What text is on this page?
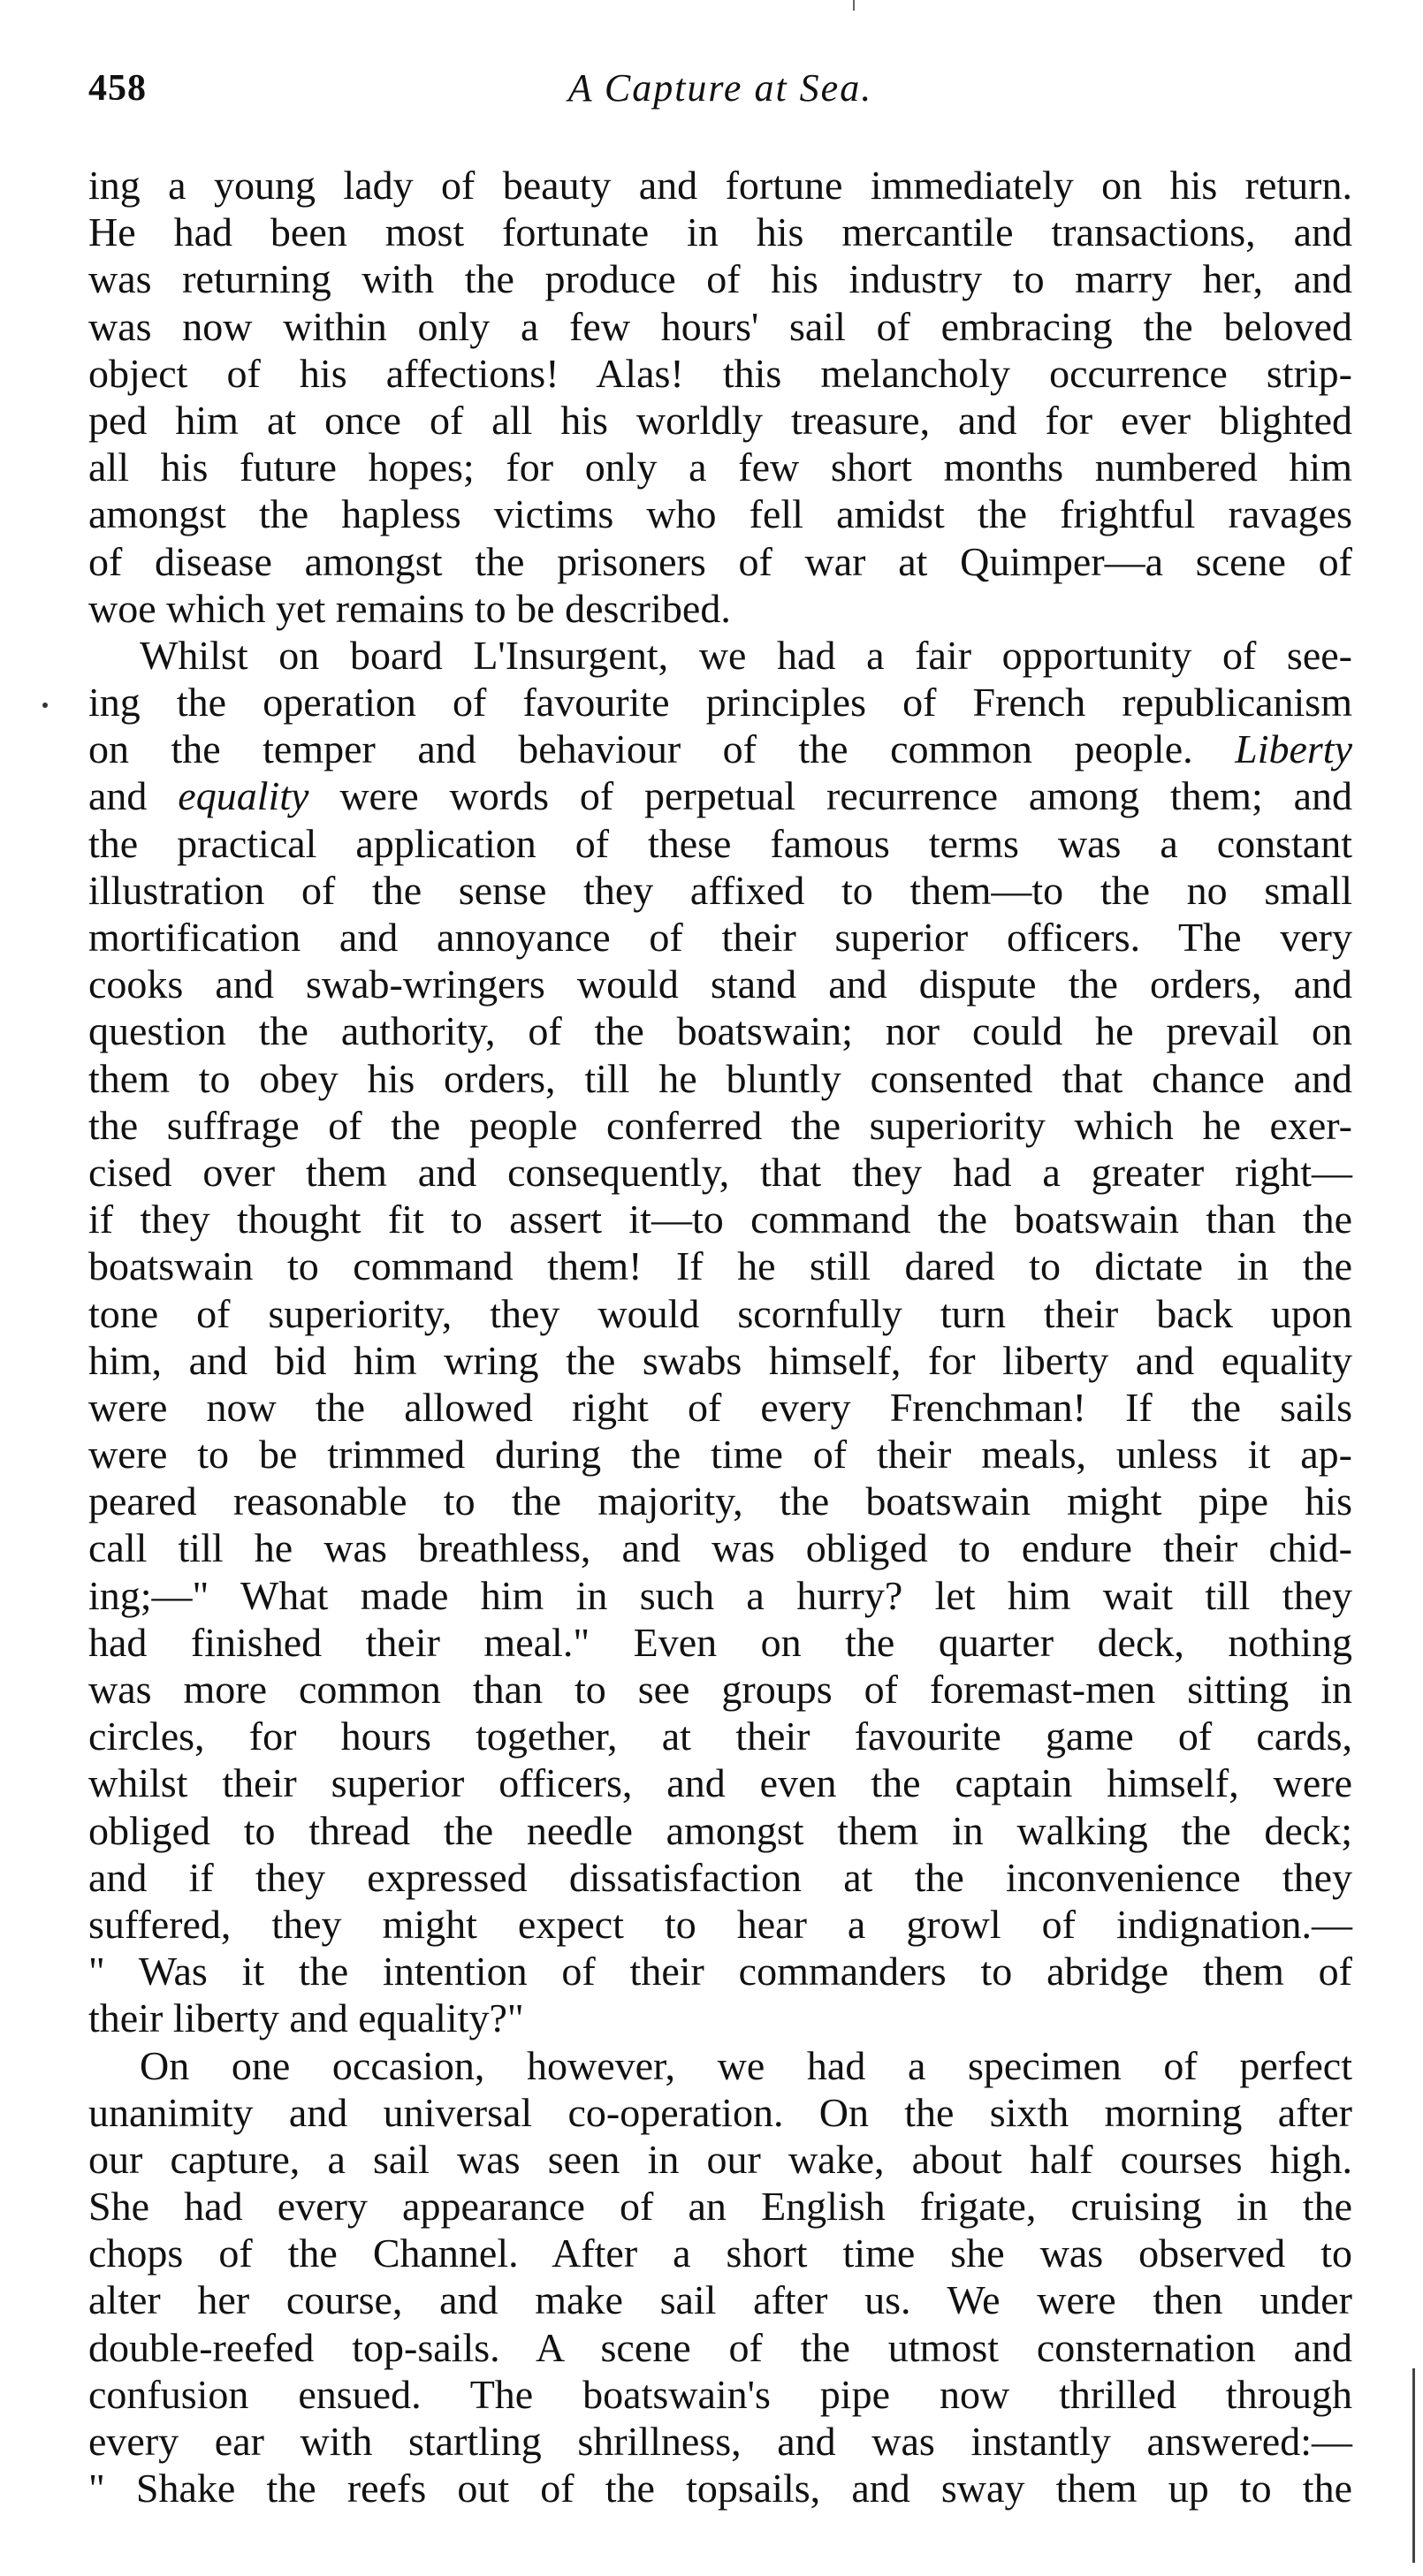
458	A Capture at Sea.
ing a young lady of beauty and fortune immediately on his return.
He had been most fortunate in his mercantile transactions, and
was returning with the produce of his industry to marry her, and
was now within only a few hours' sail of embracing the beloved
object of his affections! Alas! this melancholy occurrence strip-
ped him at once of all his worldly treasure, and for ever blighted
all his future hopes; for only a few short months numbered him
amongst the hapless victims who fell amidst the frightful ravages
of disease amongst the prisoners of war at Quimper—a scene of
woe which yet remains to be described.
Whilst on board L'Insurgent, we had a fair opportunity of see-
ing the operation of favourite principles of French republicanism
on the temper and behaviour of the common people. Liberty
and equality were words of perpetual recurrence among them; and
the practical application of these famous terms was a constant
illustration of the sense they affixed to them—to the no small
mortification and annoyance of their superior officers. The very
cooks and swab-wringers would stand and dispute the orders, and
question the authority, of the boatswain; nor could he prevail on
them to obey his orders, till he bluntly consented that chance and
the suffrage of the people conferred the superiority which he exer-
cised over them and consequently, that they had a greater right—
if they thought fit to assert it—to command the boatswain than the
boatswain to command them! If he still dared to dictate in the
tone of superiority, they would scornfully turn their back upon
him, and bid him wring the swabs himself, for liberty and equality
were now the allowed right of every Frenchman! If the sails
were to be trimmed during the time of their meals, unless it ap-
peared reasonable to the majority, the boatswain might pipe his
call till he was breathless, and was obliged to endure their chid-
ing;—" What made him in such a hurry? let him wait till they
had finished their meal." Even on the quarter deck, nothing
was more common than to see groups of foremast-men sitting in
circles, for hours together, at their favourite game of cards,
whilst their superior officers, and even the captain himself, were
obliged to thread the needle amongst them in walking the deck;
and if they expressed dissatisfaction at the inconvenience they
suffered, they might expect to hear a growl of indignation.—
" Was it the intention of their commanders to abridge them of
their liberty and equality?"
On one occasion, however, we had a specimen of perfect
unanimity and universal co-operation. On the sixth morning after
our capture, a sail was seen in our wake, about half courses high.
She had every appearance of an English frigate, cruising in the
chops of the Channel. After a short time she was observed to
alter her course, and make sail after us. We were then under
double-reefed top-sails. A scene of the utmost consternation and
confusion ensued. The boatswain's pipe now thrilled through
every ear with startling shrillness, and was instantly answered:—
" Shake the reefs out of the topsails, and sway them up to the
